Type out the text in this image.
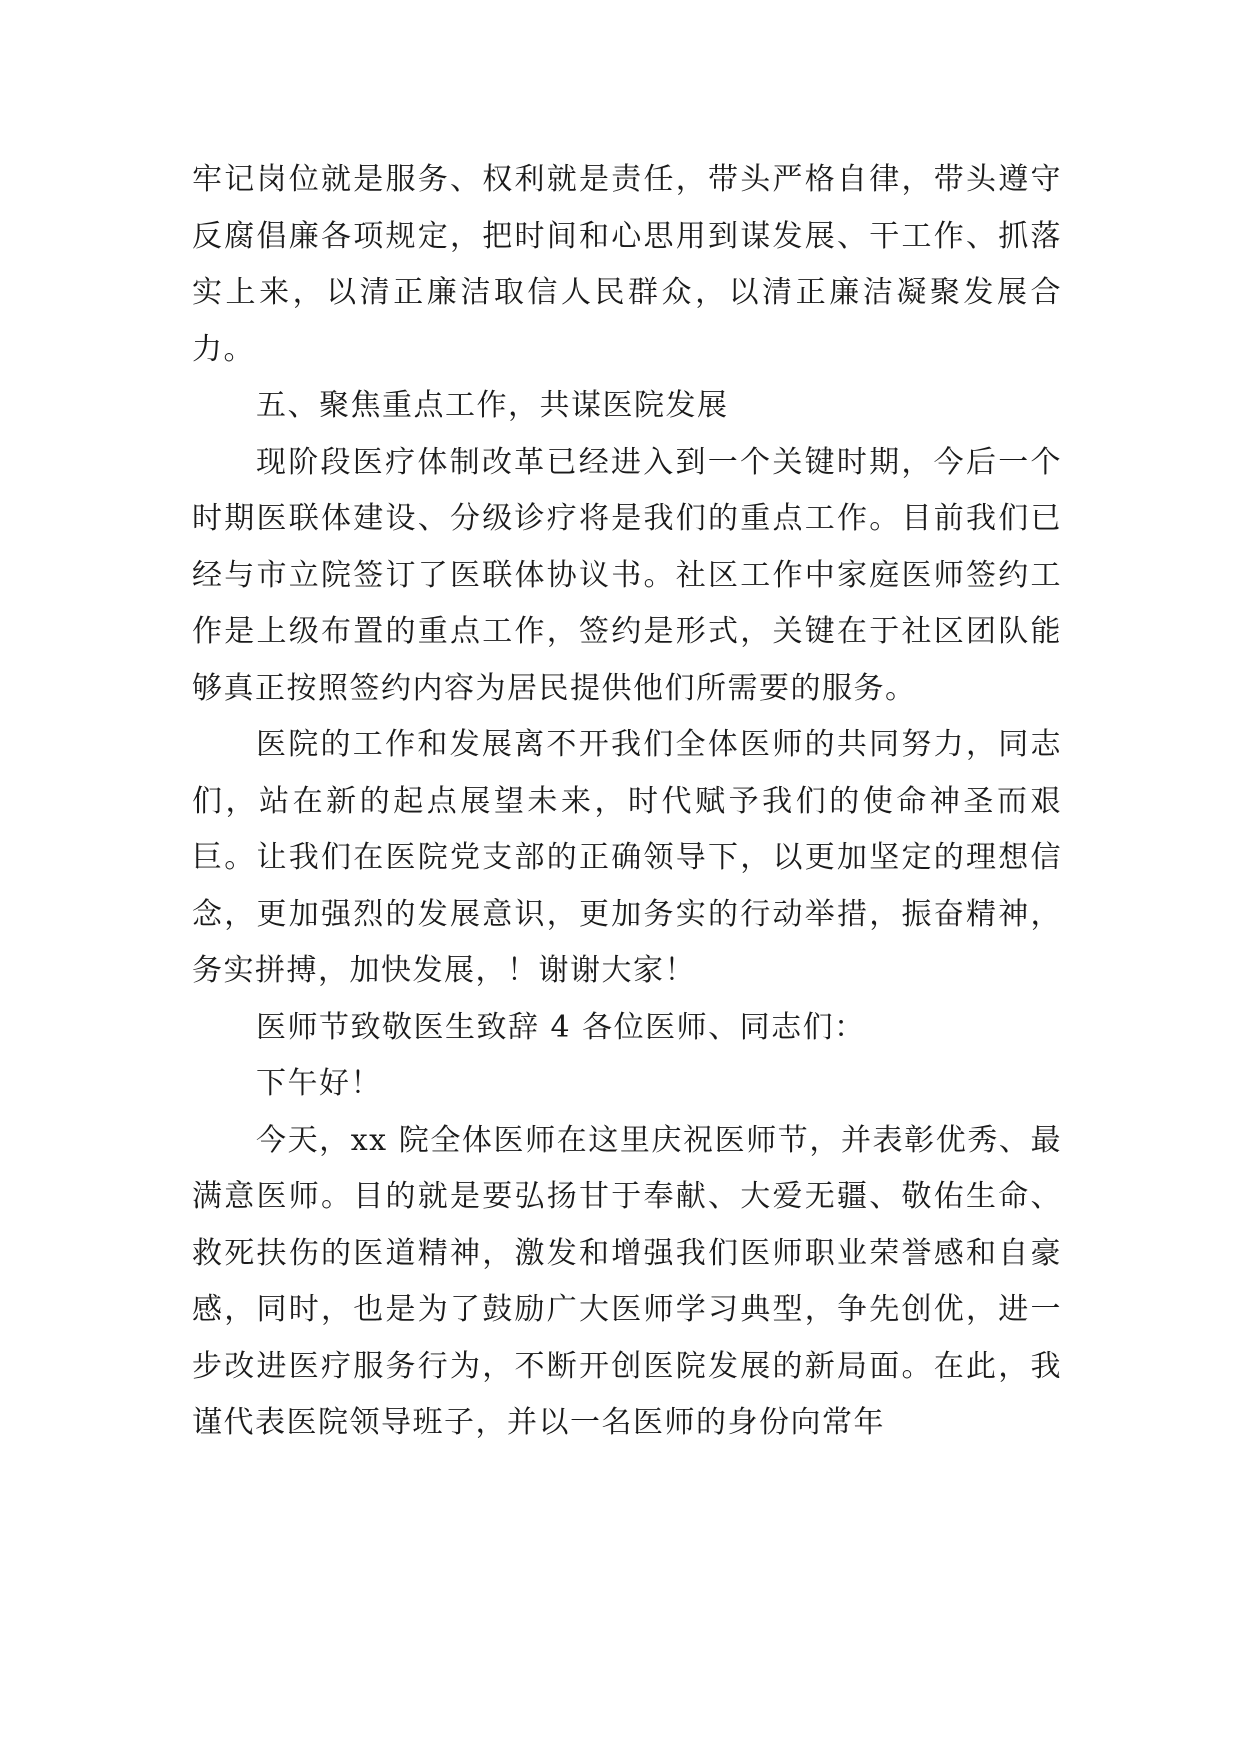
牢记岗位就是服务、权利就是责任，带头严格自律，带头遵守反腐倡廉各项规定，把时间和心思用到谋发展、干工作、抓落实上来，以清正廉洁取信人民群众，以清正廉洁凝聚发展合力。

五、聚焦重点工作，共谋医院发展

现阶段医疗体制改革已经进入到一个关键时期，今后一个时期医联体建设、分级诊疗将是我们的重点工作。目前我们已经与市立院签订了医联体协议书。社区工作中家庭医师签约工作是上级布置的重点工作，签约是形式，关键在于社区团队能够真正按照签约内容为居民提供他们所需要的服务。

医院的工作和发展离不开我们全体医师的共同努力，同志们，站在新的起点展望未来，时代赋予我们的使命神圣而艰巨。让我们在医院党支部的正确领导下，以更加坚定的理想信念，更加强烈的发展意识，更加务实的行动举措，振奋精神，务实拼搏，加快发展，！谢谢大家！

医师节致敬医生致辞 4 各位医师、同志们：

下午好！

今天，xx 院全体医师在这里庆祝医师节，并表彰优秀、最满意医师。目的就是要弘扬甘于奉献、大爱无疆、敬佑生命、救死扶伤的医道精神，激发和增强我们医师职业荣誉感和自豪感，同时，也是为了鼓励广大医师学习典型，争先创优，进一步改进医疗服务行为，不断开创医院发展的新局面。在此，我谨代表医院领导班子，并以一名医师的身份向常年
